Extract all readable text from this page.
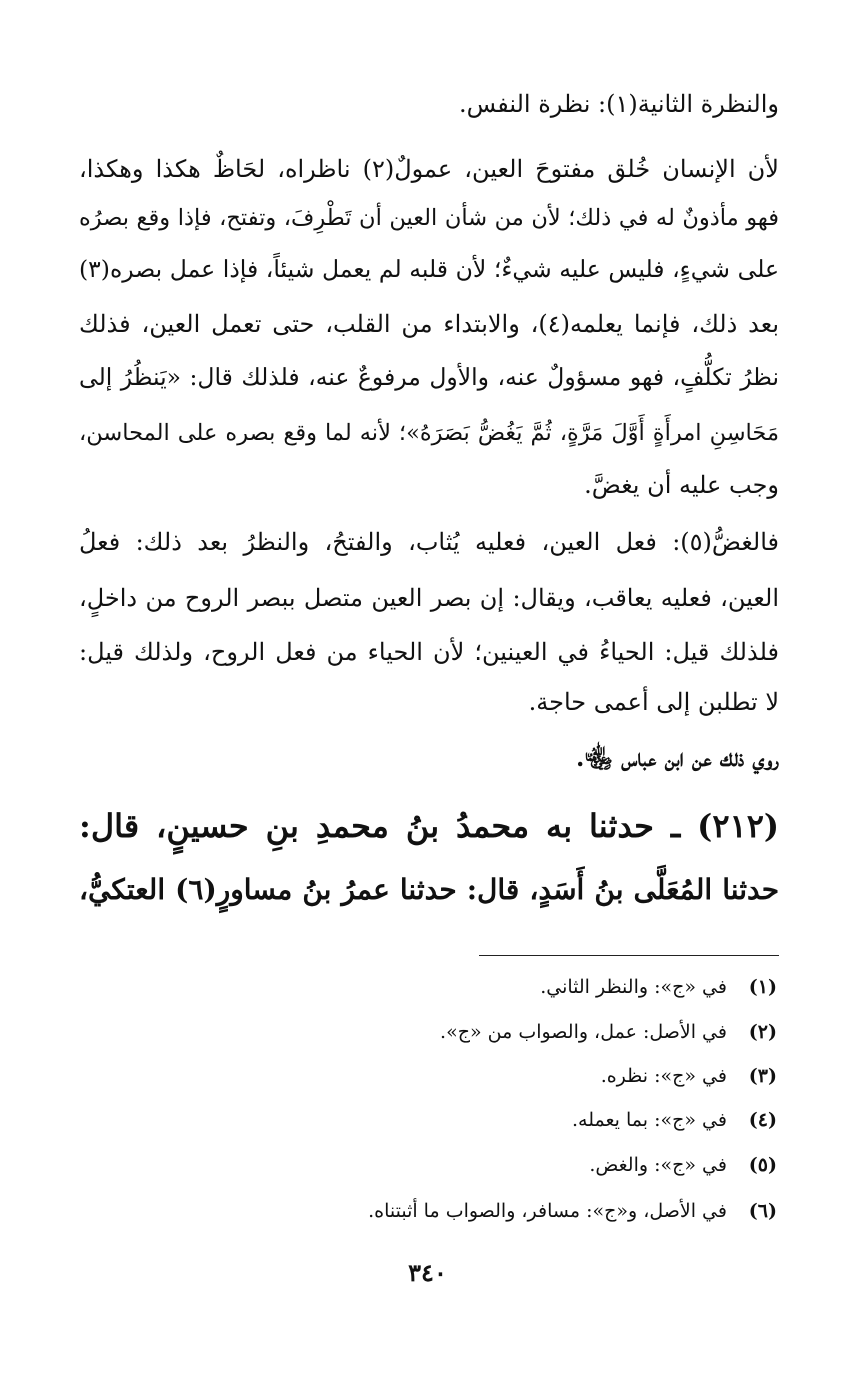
والنظرة الثانية(١): نظرة النفس.
لأن الإنسان خُلق مفتوحَ العين، عمولٌ(٢) ناظراه، لحَاظٌ هكذا وهكذا،
فهو مأذونٌ له في ذلك؛ لأن من شأن العين أن تَطْرِفَ، وتفتح، فإذا وقع بصرُه
على شيءٍ، فليس عليه شيءٌ؛ لأن قلبه لم يعمل شيئاً، فإذا عمل بصره(٣)
بعد ذلك، فإنما يعلمه(٤)، والابتداء من القلب، حتى تعمل العين، فذلك
نظرُ تكلُّفٍ، فهو مسؤولٌ عنه، والأول مرفوعٌ عنه، فلذلك قال: «يَنظُرُ إلى
مَحَاسِنِ امرأَةٍ أَوَّلَ مَرَّةٍ، ثُمَّ يَغُضُّ بَصَرَهُ»؛ لأنه لما وقع بصره على المحاسن،
وجب عليه أن يغضَّ.
فالغضُّ(٥): فعل العين، فعليه يُثاب، والفتحُ، والنظرُ بعد ذلك: فعلُ
العين، فعليه يعاقب، ويقال: إن بصر العين متصل ببصر الروح من داخلٍ،
فلذلك قيل: الحياءُ في العينين؛ لأن الحياء من فعل الروح، ولذلك قيل:
لا تطلبن إلى أعمى حاجة.
روي ذلك عن ابن عباس ﵄.
(٢١٢) ـ حدثنا به محمدُ بنُ محمدِ بنِ حسينٍ، قال:
حدثنا المُعَلَّى بنُ أَسَدٍ، قال: حدثنا عمرُ بنُ مساورٍ(٦) العتكيُّ،
(١) في «ج»: والنظر الثاني.
(٢) في الأصل: عمل، والصواب من «ج».
(٣) في «ج»: نظره.
(٤) في «ج»: بما يعمله.
(٥) في «ج»: والغض.
(٦) في الأصل، و«ج»: مسافر، والصواب ما أثبتناه.
٣٤٠
